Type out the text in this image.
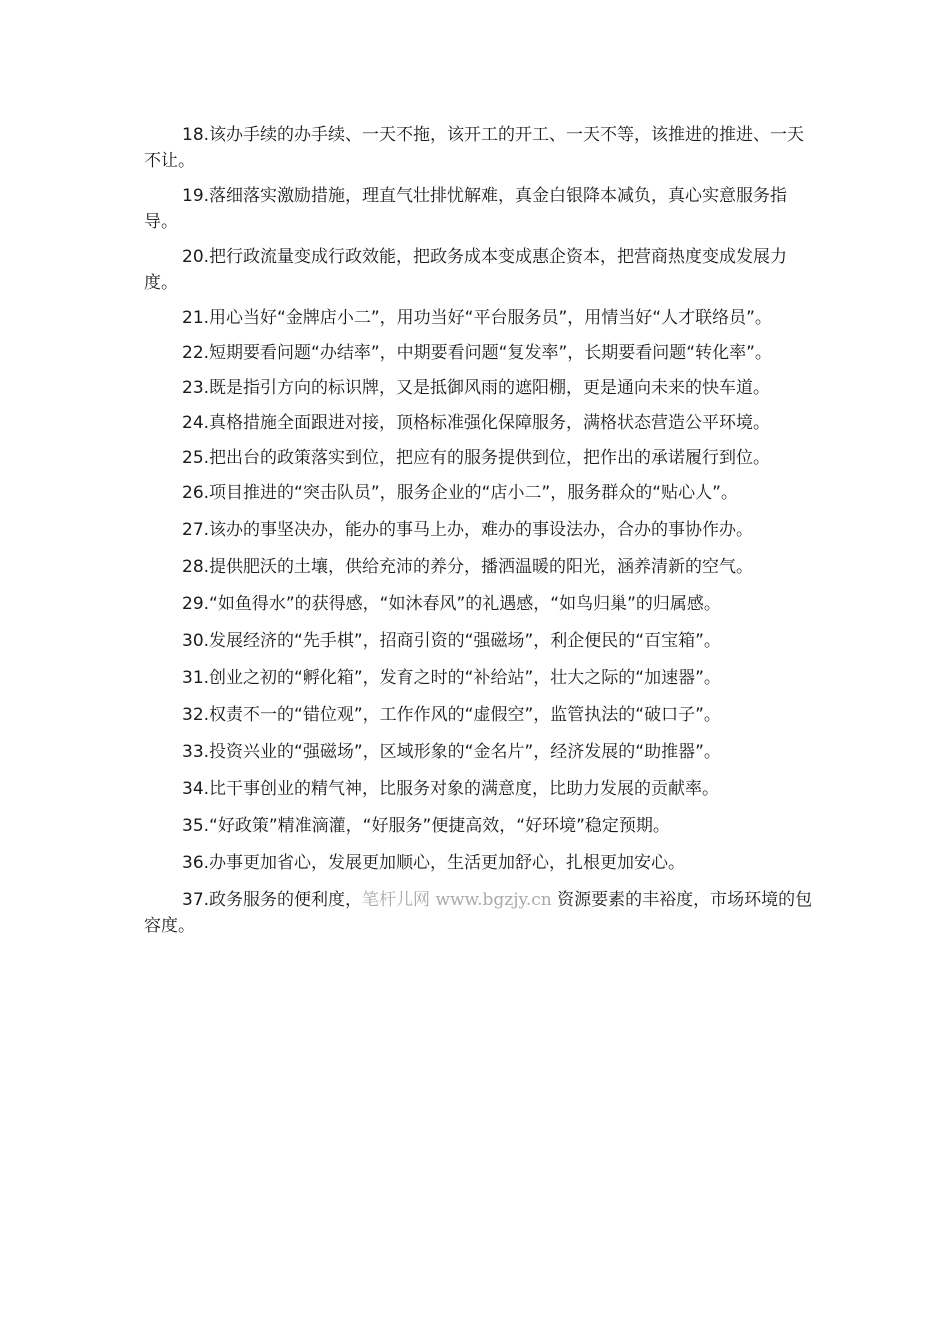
18.该办手续的办手续、一天不拖，该开工的开工、一天不等，该推进的推进、一天不让。

19.落细落实激励措施，理直气壮排忧解难，真金白银降本减负，真心实意服务指导。

20.把行政流量变成行政效能，把政务成本变成惠企资本，把营商热度变成发展力度。

21.用心当好“金牌店小二”，用功当好“平台服务员”，用情当好“人才联络员”。

22.短期要看问题“办结率”，中期要看问题“复发率”，长期要看问题“转化率”。

23.既是指引方向的标识牌，又是抵御风雨的遮阳棚，更是通向未来的快车道。

24.真格措施全面跟进对接，顶格标准强化保障服务，满格状态营造公平环境。

25.把出台的政策落实到位，把应有的服务提供到位，把作出的承诺履行到位。

26.项目推进的“突击队员”，服务企业的“店小二”，服务群众的“贴心人”。

27.该办的事坚决办，能办的事马上办，难办的事设法办，合办的事协作办。

28.提供肥沃的土壤，供给充沛的养分，播洒温暖的阳光，涵养清新的空气。

29.“如鱼得水”的获得感，“如沐春风”的礼遇感，“如鸟归巢”的归属感。

30.发展经济的“先手棋”，招商引资的“强磁场”，利企便民的“百宝箱”。

31.创业之初的“孵化箱”，发育之时的“补给站”，壮大之际的“加速器”。

32.权责不一的“错位观”，工作作风的“虚假空”，监管执法的“破口子”。

33.投资兴业的“强磁场”，区域形象的“金名片”，经济发展的“助推器”。

34.比干事创业的精气神，比服务对象的满意度，比助力发展的贡献率。

35.“好政策”精准滴灌，“好服务”便捷高效，“好环境”稳定预期。

36.办事更加省心，发展更加顺心，生活更加舒心，扎根更加安心。

37.政务服务的便利度，笔杆儿网 www.bgzjy.cn 资源要素的丰裕度，市场环境的包容度。
